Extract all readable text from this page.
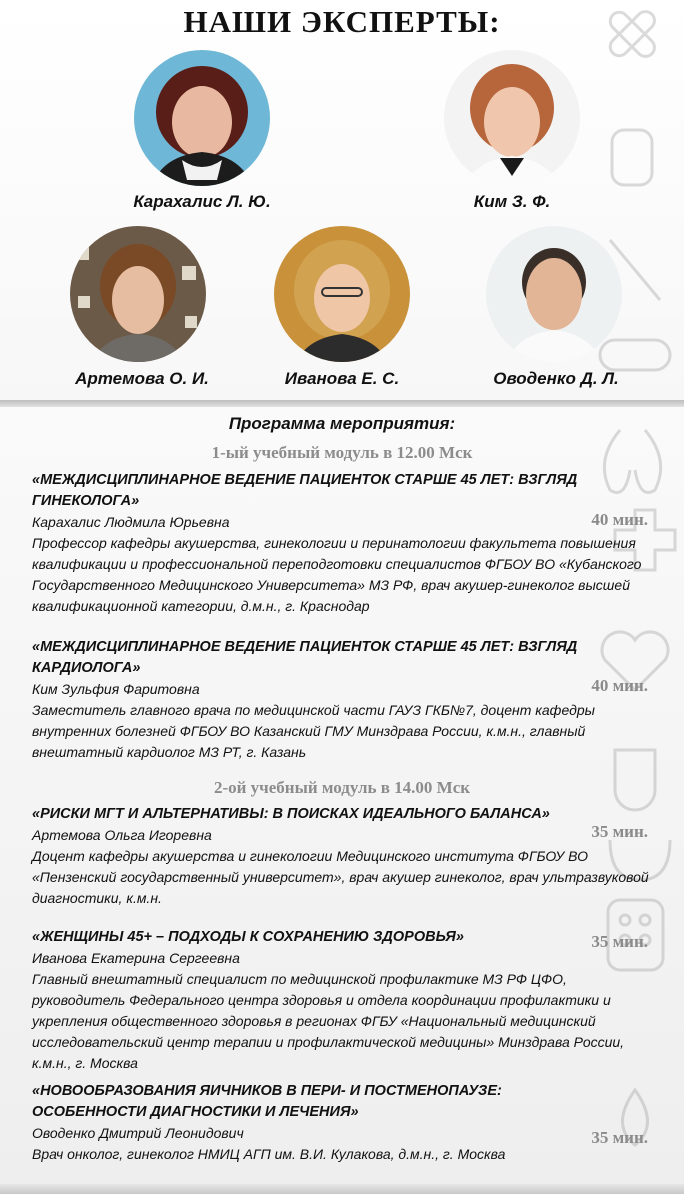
НАШИ ЭКСПЕРТЫ:
Карахалис Л. Ю.	Ким З. Ф.
Артемова О. И.	Иванова Е. С.	Оводенко Д. Л.
Программа мероприятия:
1-ый учебный модуль в 12.00 Мск
«МЕЖДИСЦИПЛИНАРНОЕ ВЕДЕНИЕ ПАЦИЕНТОК СТАРШЕ 45 ЛЕТ: ВЗГЛЯД ГИНЕКОЛОГА»
Карахалис Людмила Юрьевна
Профессор кафедры акушерства, гинекологии и перинатологии факультета повышения квалификации и профессиональной переподготовки специалистов ФГБОУ ВО «Кубанского Государственного Медицинского Университета» МЗ РФ, врач акушер-гинеколог высшей квалификационной категории, д.м.н., г. Краснодар
40 мин.
«МЕЖДИСЦИПЛИНАРНОЕ ВЕДЕНИЕ ПАЦИЕНТОК СТАРШЕ 45 ЛЕТ: ВЗГЛЯД КАРДИОЛОГА»
Ким Зульфия Фаритовна
Заместитель главного врача по медицинской части ГАУЗ ГКБ№7, доцент кафедры внутренних болезней ФГБОУ ВО Казанский ГМУ Минздрава России, к.м.н., главный внештатный кардиолог МЗ РТ, г. Казань
40 мин.
2-ой учебный модуль в 14.00 Мск
«РИСКИ МГТ И АЛЬТЕРНАТИВЫ: В ПОИСКАХ ИДЕАЛЬНОГО БАЛАНСА»
Артемова Ольга Игоревна
Доцент кафедры акушерства и гинекологии Медицинского института ФГБОУ ВО «Пензенский государственный университет», врач акушер гинеколог, врач ультразвуковой диагностики, к.м.н.
35 мин.
«ЖЕНЩИНЫ 45+ – ПОДХОДЫ К СОХРАНЕНИЮ ЗДОРОВЬЯ»
Иванова Екатерина Сергеевна
Главный внештатный специалист по медицинской профилактике МЗ РФ ЦФО, руководитель Федерального центра здоровья и отдела координации профилактики и укрепления общественного здоровья в регионах ФГБУ «Национальный медицинский исследовательский центр терапии и профилактической медицины» Минздрава России, к.м.н., г. Москва
35 мин.
«НОВООБРАЗОВАНИЯ ЯИЧНИКОВ В ПЕРИ- И ПОСТМЕНОПАУЗЕ: ОСОБЕННОСТИ ДИАГНОСТИКИ И ЛЕЧЕНИЯ»
Оводенко Дмитрий Леонидович
Врач онколог, гинеколог НМИЦ АГП им. В.И. Кулакова, д.м.н., г. Москва
35 мин.
